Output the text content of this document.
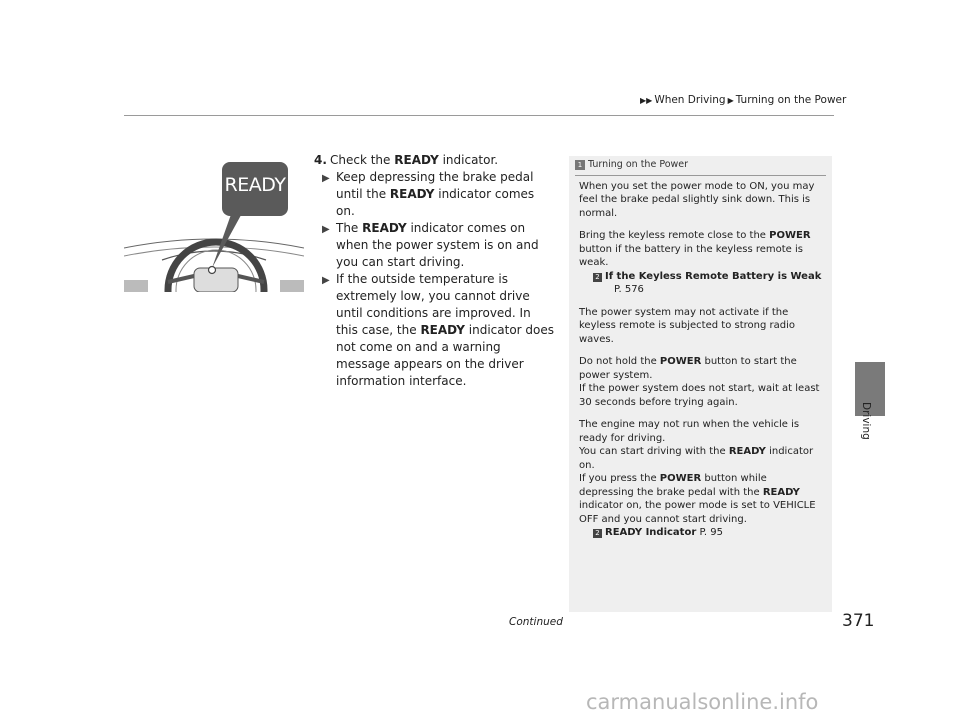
▶▶ When Driving ▶ Turning on the Power
Driving
READY
4. Check the READY indicator.
▶ Keep depressing the brake pedal until the READY indicator comes on.
▶ The READY indicator comes on when the power system is on and you can start driving.
▶ If the outside temperature is extremely low, you cannot drive until conditions are improved. In this case, the READY indicator does not come on and a warning message appears on the driver information interface.
1 Turning on the Power

When you set the power mode to ON, you may feel the brake pedal slightly sink down. This is normal.

Bring the keyless remote close to the POWER button if the battery in the keyless remote is weak.
2 If the Keyless Remote Battery is Weak
P. 576

The power system may not activate if the keyless remote is subjected to strong radio waves.

Do not hold the POWER button to start the power system.
If the power system does not start, wait at least 30 seconds before trying again.

The engine may not run when the vehicle is ready for driving.
You can start driving with the READY indicator on.
If you press the POWER button while depressing the brake pedal with the READY indicator on, the power mode is set to VEHICLE OFF and you cannot start driving.
2 READY Indicator P. 95

Continued	371
carmanualsonline.info
